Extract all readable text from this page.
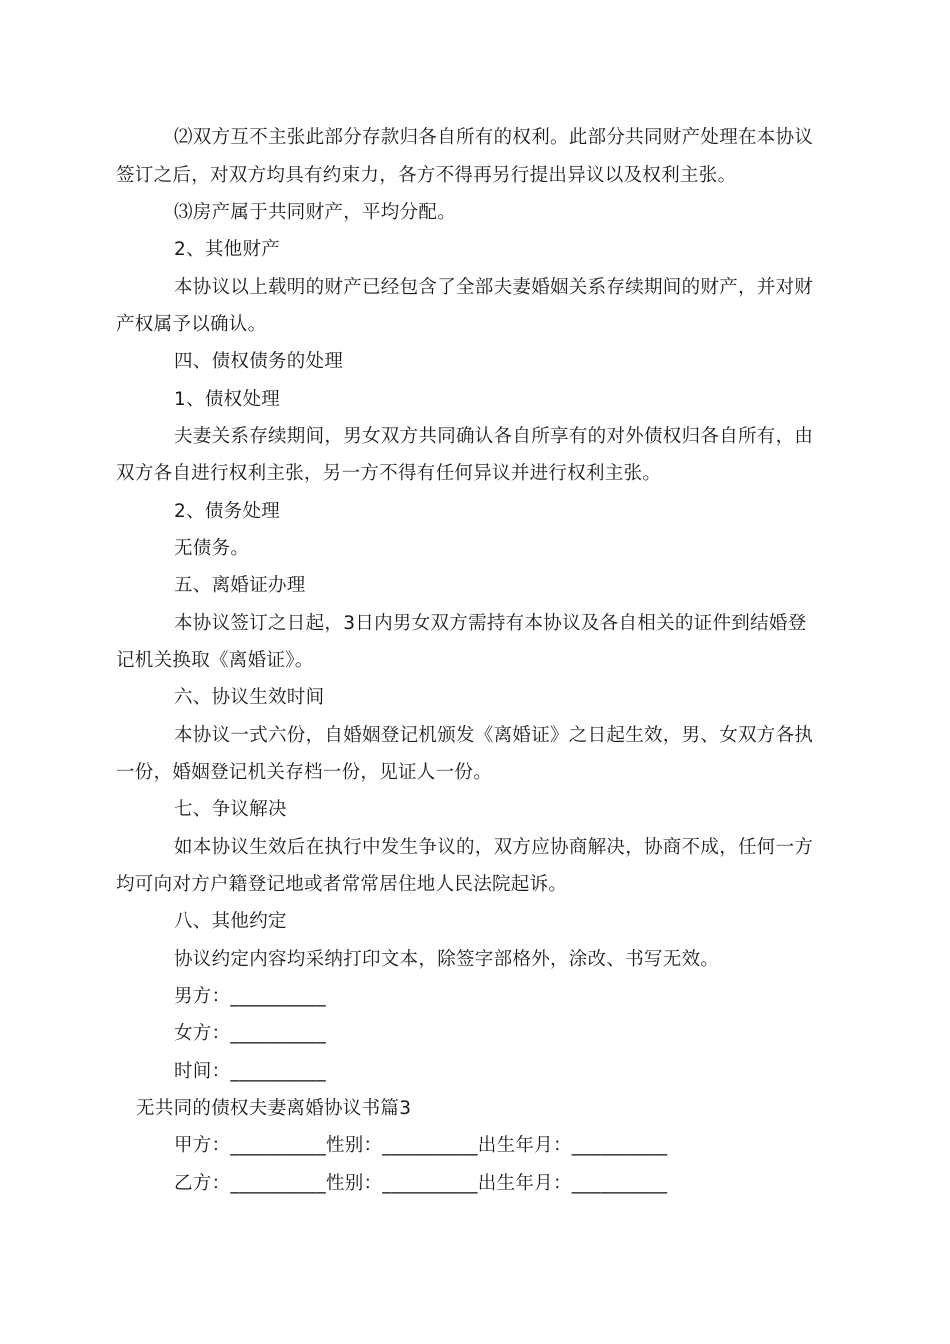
⑵双方互不主张此部分存款归各自所有的权利。此部分共同财产处理在本协议
签订之后，对双方均具有约束力，各方不得再另行提出异议以及权利主张。
⑶房产属于共同财产，平均分配。
2、其他财产
本协议以上载明的财产已经包含了全部夫妻婚姻关系存续期间的财产，并对财
产权属予以确认。
四、债权债务的处理
1、债权处理
夫妻关系存续期间，男女双方共同确认各自所享有的对外债权归各自所有，由
双方各自进行权利主张，另一方不得有任何异议并进行权利主张。
2、债务处理
无债务。
五、离婚证办理
本协议签订之日起，3日内男女双方需持有本协议及各自相关的证件到结婚登
记机关换取《离婚证》。
六、协议生效时间
本协议一式六份，自婚姻登记机颁发《离婚证》之日起生效，男、女双方各执
一份，婚姻登记机关存档一份，见证人一份。
七、争议解决
如本协议生效后在执行中发生争议的，双方应协商解决，协商不成，任何一方
均可向对方户籍登记地或者常常居住地人民法院起诉。
八、其他约定
协议约定内容均采纳打印文本，除签字部格外，涂改、书写无效。
男方：__________
女方：__________
时间：__________
无共同的债权夫妻离婚协议书篇3
甲方：__________性别：__________出生年月：__________
乙方：__________性别：__________出生年月：__________
